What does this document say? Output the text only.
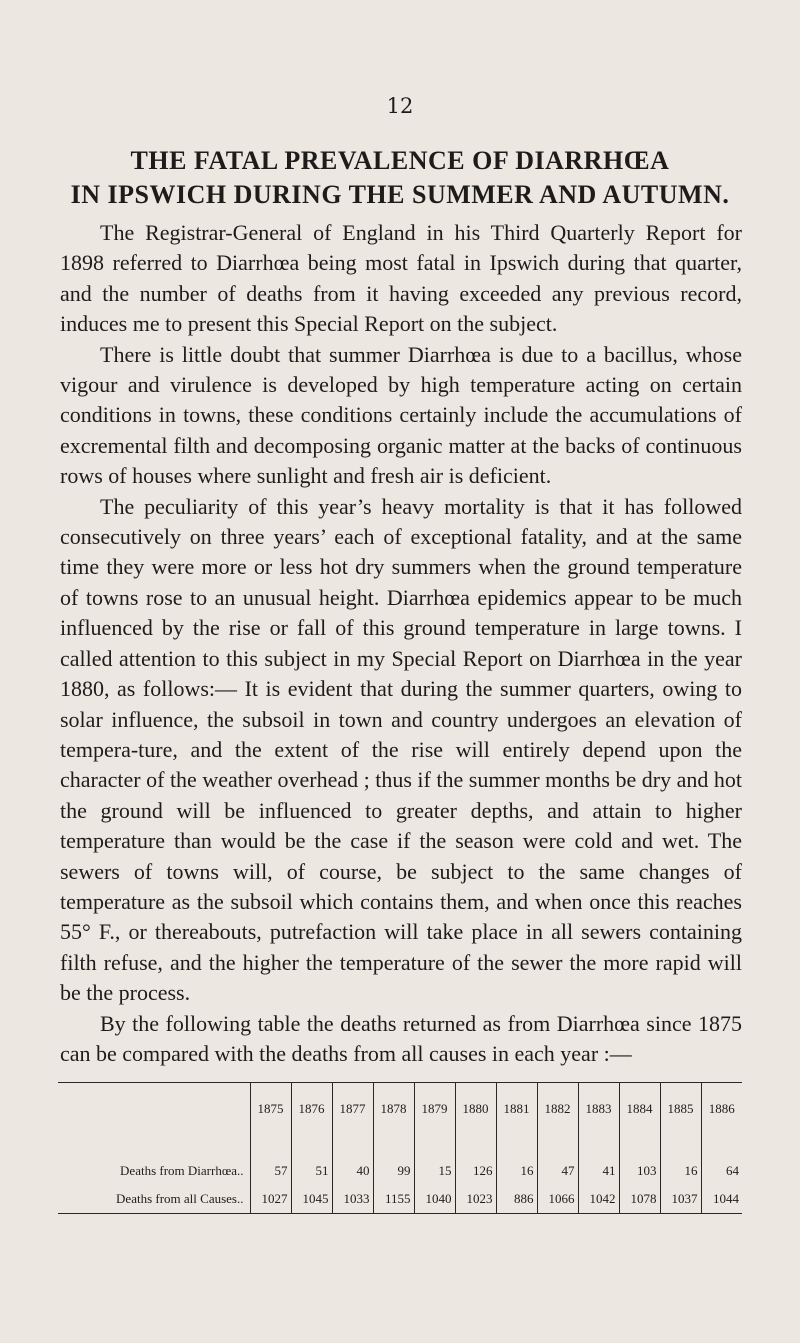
12
THE FATAL PREVALENCE OF DIARRHŒA
IN IPSWICH DURING THE SUMMER AND AUTUMN.

The Registrar-General of England in his Third Quarterly Report for 1898 referred to Diarrhœa being most fatal in Ipswich during that quarter, and the number of deaths from it having exceeded any previous record, induces me to present this Special Report on the subject.

There is little doubt that summer Diarrhœa is due to a bacillus, whose vigour and virulence is developed by high temperature acting on certain conditions in towns, these conditions certainly include the accumulations of excremental filth and decomposing organic matter at the backs of continuous rows of houses where sunlight and fresh air is deficient.

The peculiarity of this year’s heavy mortality is that it has followed consecutively on three years’ each of exceptional fatality, and at the same time they were more or less hot dry summers when the ground temperature of towns rose to an unusual height. Diarrhœa epidemics appear to be much influenced by the rise or fall of this ground temperature in large towns. I called attention to this subject in my Special Report on Diarrhœa in the year 1880, as follows:— It is evident that during the summer quarters, owing to solar influence, the subsoil in town and country undergoes an elevation of tempera-ture, and the extent of the rise will entirely depend upon the character of the weather overhead ; thus if the summer months be dry and hot the ground will be influenced to greater depths, and attain to higher temperature than would be the case if the season were cold and wet. The sewers of towns will, of course, be subject to the same changes of temperature as the subsoil which contains them, and when once this reaches 55° F., or thereabouts, putrefaction will take place in all sewers containing filth refuse, and the higher the temperature of the sewer the more rapid will be the process.

By the following table the deaths returned as from Diarrhœa since 1875 can be compared with the deaths from all causes in each year :—

	1875	1876	1877	1878	1879	1880	1881	1882	1883	1884	1885	1886

Deaths from Diarrhœa..	57	51	40	99	15	126	16	47	41	103	16	64
Deaths from all Causes..	1027	1045	1033	1155	1040	1023	886	1066	1042	1078	1037	1044
